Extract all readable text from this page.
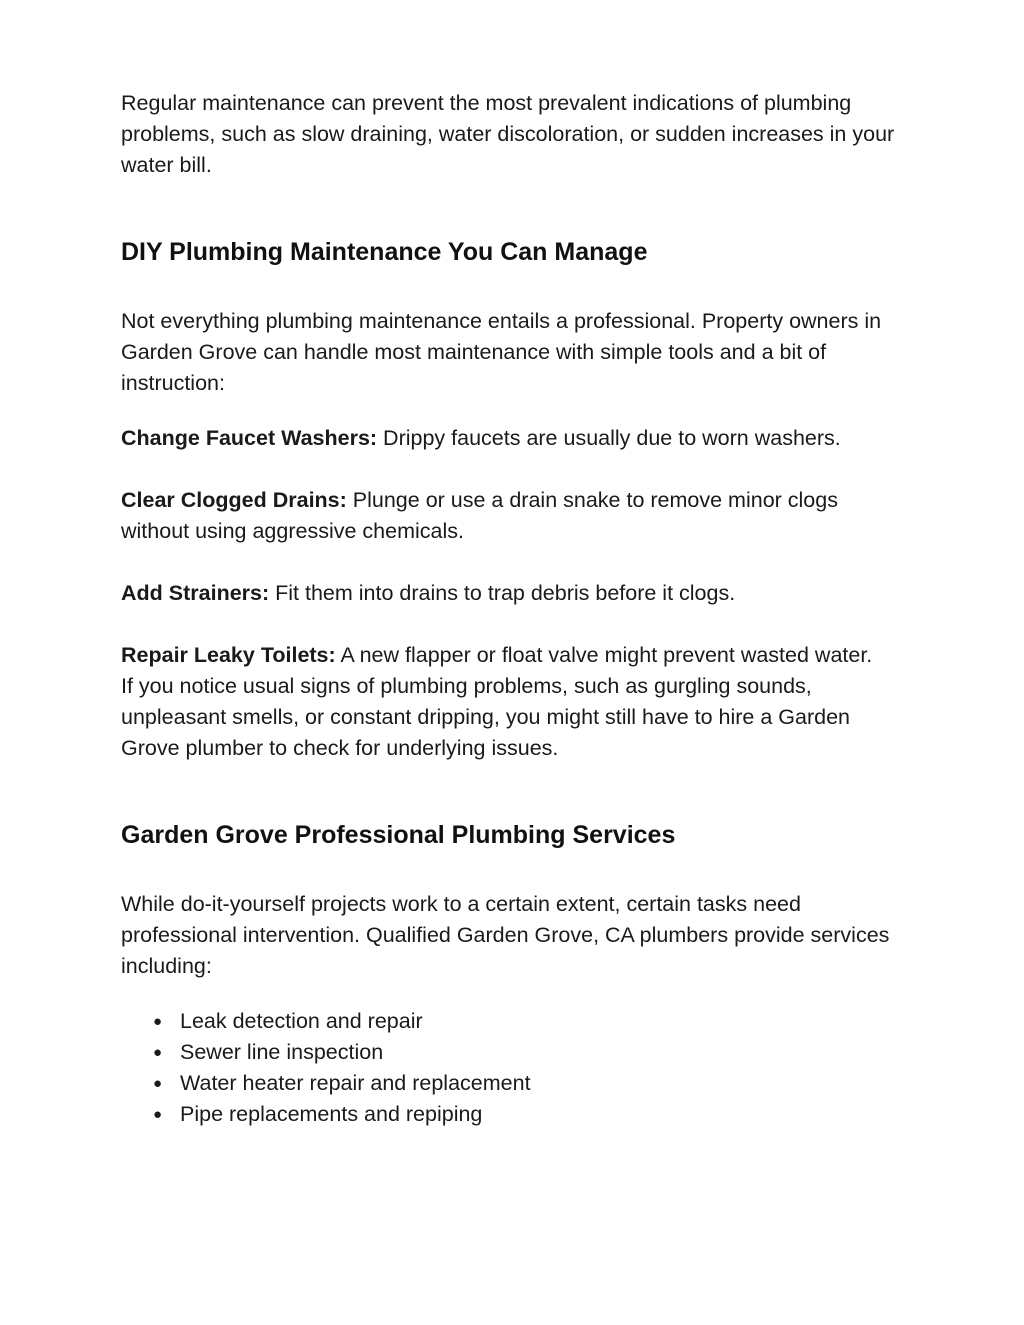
Regular maintenance can prevent the most prevalent indications of plumbing problems, such as slow draining, water discoloration, or sudden increases in your water bill.

DIY Plumbing Maintenance You Can Manage

Not everything plumbing maintenance entails a professional. Property owners in Garden Grove can handle most maintenance with simple tools and a bit of instruction:

Change Faucet Washers: Drippy faucets are usually due to worn washers.

Clear Clogged Drains: Plunge or use a drain snake to remove minor clogs without using aggressive chemicals.

Add Strainers: Fit them into drains to trap debris before it clogs.

Repair Leaky Toilets: A new flapper or float valve might prevent wasted water.

If you notice usual signs of plumbing problems, such as gurgling sounds, unpleasant smells, or constant dripping, you might still have to hire a Garden Grove plumber to check for underlying issues.

Garden Grove Professional Plumbing Services

While do-it-yourself projects work to a certain extent, certain tasks need professional intervention. Qualified Garden Grove, CA plumbers provide services including:

● Leak detection and repair
● Sewer line inspection
● Water heater repair and replacement
● Pipe replacements and repiping
